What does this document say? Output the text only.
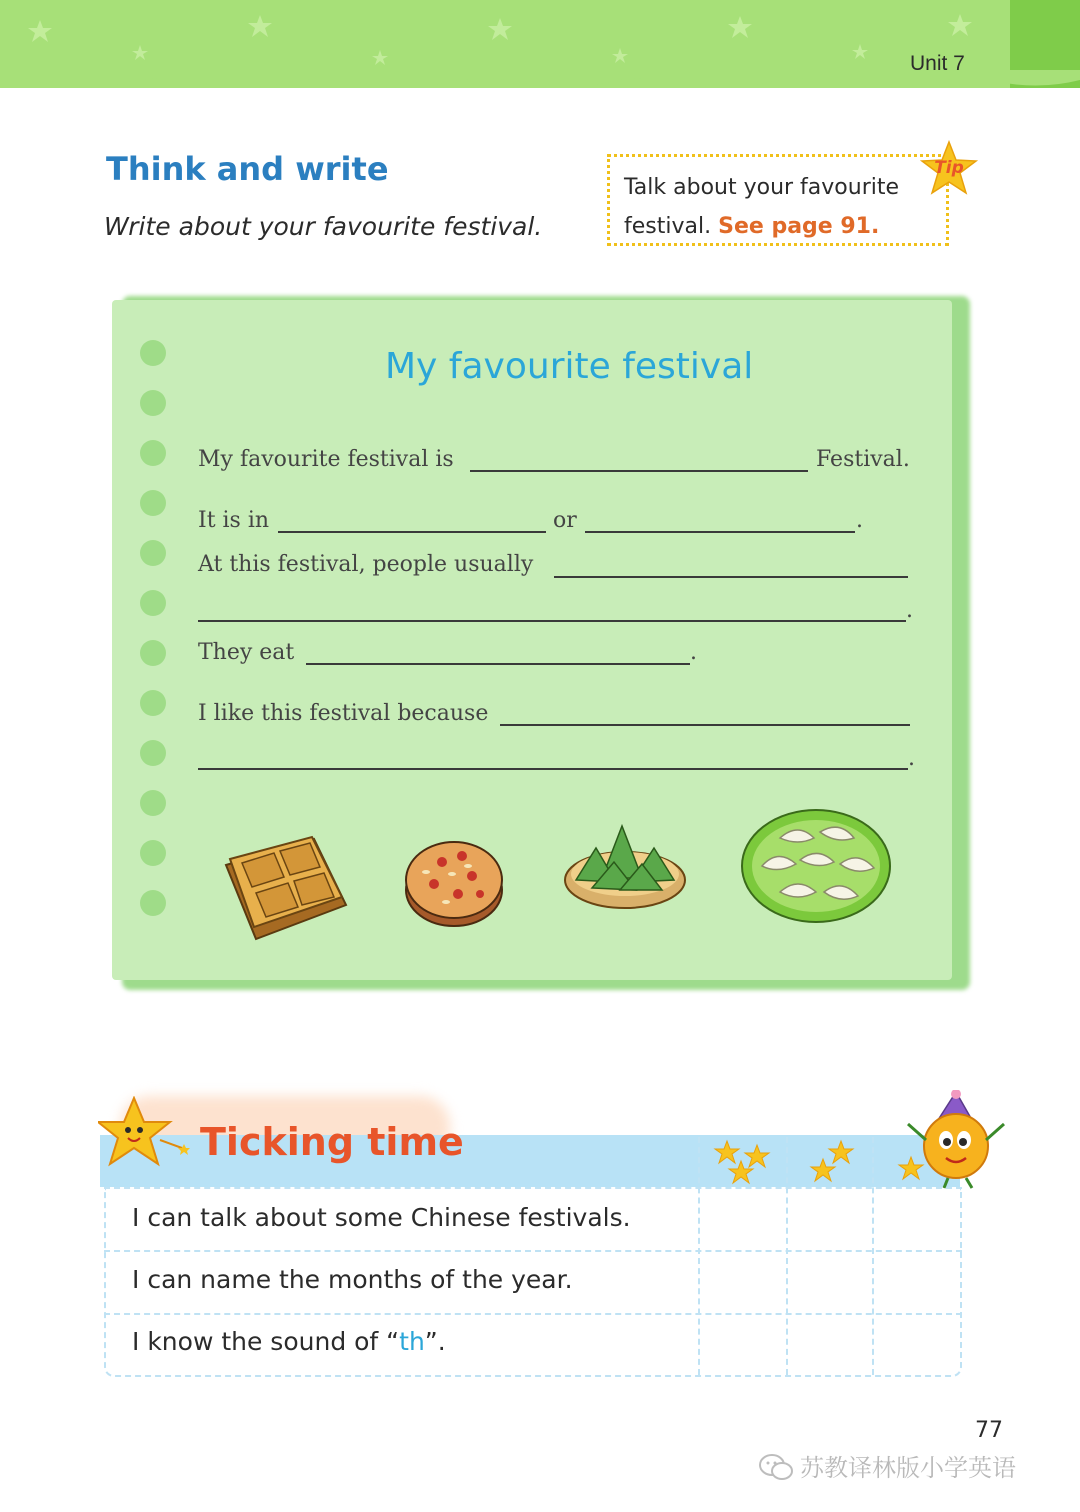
Unit 7
Think and write
Write about your favourite festival.
Talk about your favourite
festival. See page 91.
Tip
My favourite festival
My favourite festival is	Festival.
It is in	or	.
At this festival, people usually
.
They eat	.
I like this festival because
.
Ticking time
I can talk about some Chinese festivals.
I can name the months of the year.
I know the sound of “th”.
77
苏教译林版小学英语
